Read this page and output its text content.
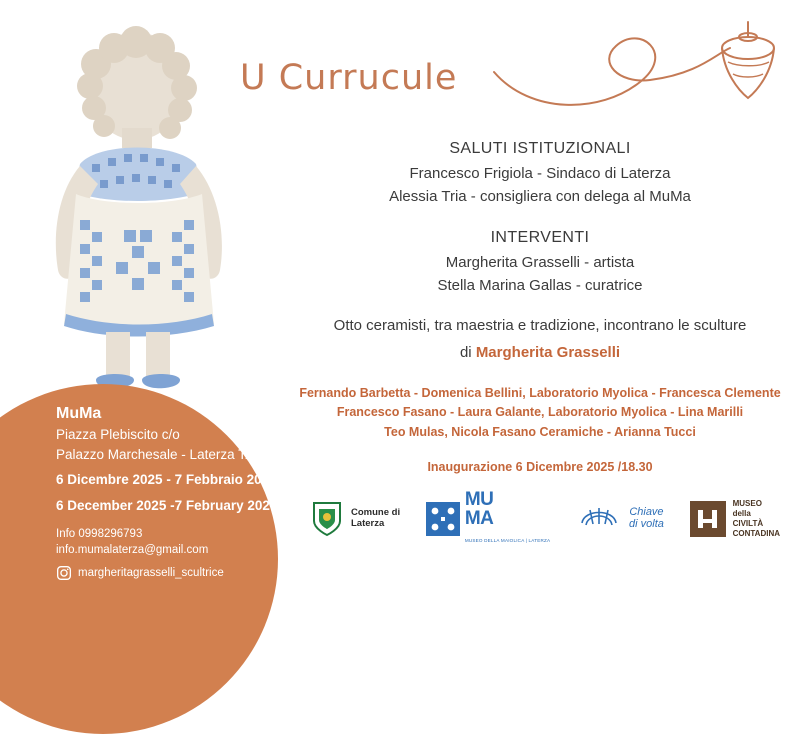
U Currucule
MuMa
Piazza Plebiscito c/o
Palazzo Marchesale - Laterza TA
6 Dicembre 2025 - 7 Febbraio 2026
6 December 2025 -7 February 2026
Info 0998296793
info.mumalaterza@gmail.com
margheritagrasselli_scultrice
SALUTI ISTITUZIONALI
Francesco Frigiola - Sindaco di Laterza
Alessia Tria - consigliera con delega al MuMa
INTERVENTI
Margherita Grasselli - artista
Stella Marina Gallas - curatrice
Otto ceramisti, tra maestria e tradizione, incontrano le sculture
di Margherita Grasselli
Fernando Barbetta - Domenica Bellini, Laboratorio Myolica - Francesca Clemente
Francesco Fasano - Laura Galante, Laboratorio Myolica - Lina Marilli
Teo Mulas, Nicola Fasano Ceramiche - Arianna Tucci
Inaugurazione 6 Dicembre 2025 /18.30
Comune di
Laterza
MU
MA
MUSEO DELLA MAIOLICA | LATERZA
Chiave
di volta
MUSEO
della
CIVILTÀ
CONTADINA
